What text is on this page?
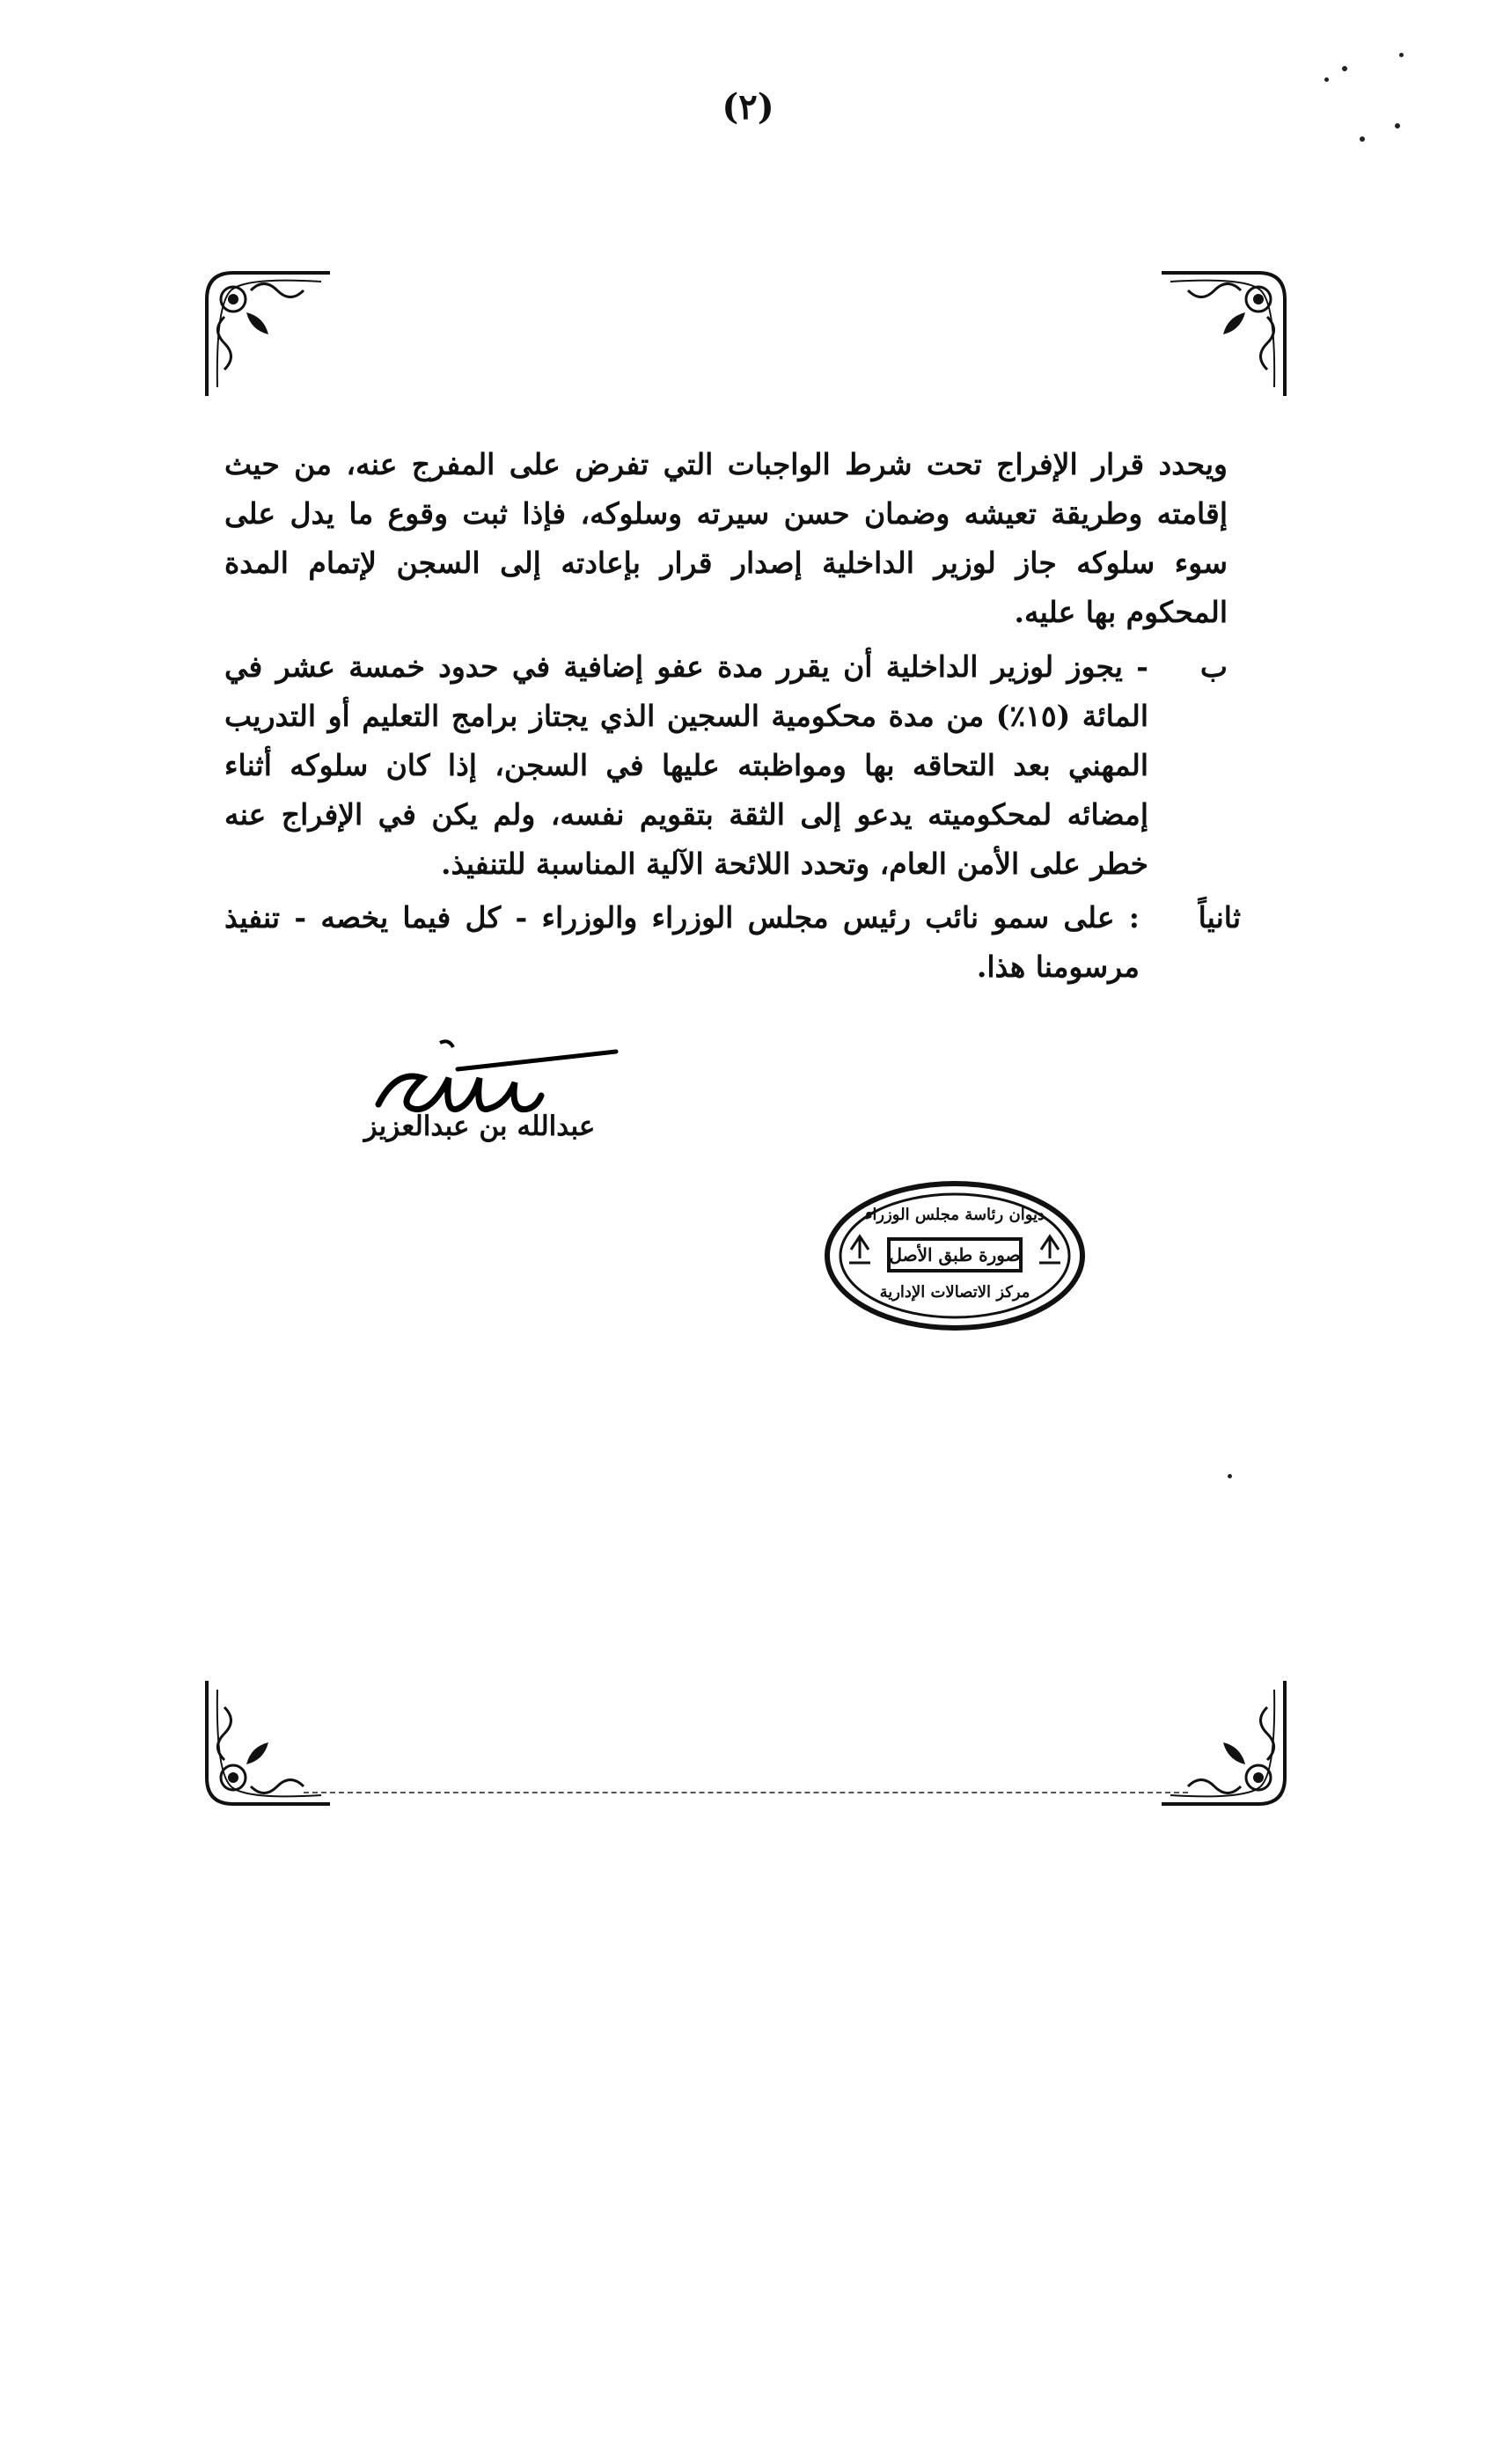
(٢)
ويحدد قرار الإفراج تحت شرط الواجبات التي تفرض على المفرج عنه، من حيث إقامته وطريقة تعيشه وضمان حسن سيرته وسلوكه، فإذا ثبت وقوع ما يدل على سوء سلوكه جاز لوزير الداخلية إصدار قرار بإعادته إلى السجن لإتمام المدة المحكوم بها عليه.
ب
- يجوز لوزير الداخلية أن يقرر مدة عفو إضافية في حدود خمسة عشر في المائة (١٥٪) من مدة محكومية السجين الذي يجتاز برامج التعليم أو التدريب المهني بعد التحاقه بها ومواظبته عليها في السجن، إذا كان سلوكه أثناء إمضائه لمحكوميته يدعو إلى الثقة بتقويم نفسه، ولم يكن في الإفراج عنه خطر على الأمن العام، وتحدد اللائحة الآلية المناسبة للتنفيذ.
ثانياً
: على سمو نائب رئيس مجلس الوزراء والوزراء - كل فيما يخصه - تنفيذ مرسومنا هذا.
عبدالله بن عبدالعزيز
ديوان رئاسة مجلس الوزراء
صورة طبق الأصل
مركز الاتصالات الإدارية
